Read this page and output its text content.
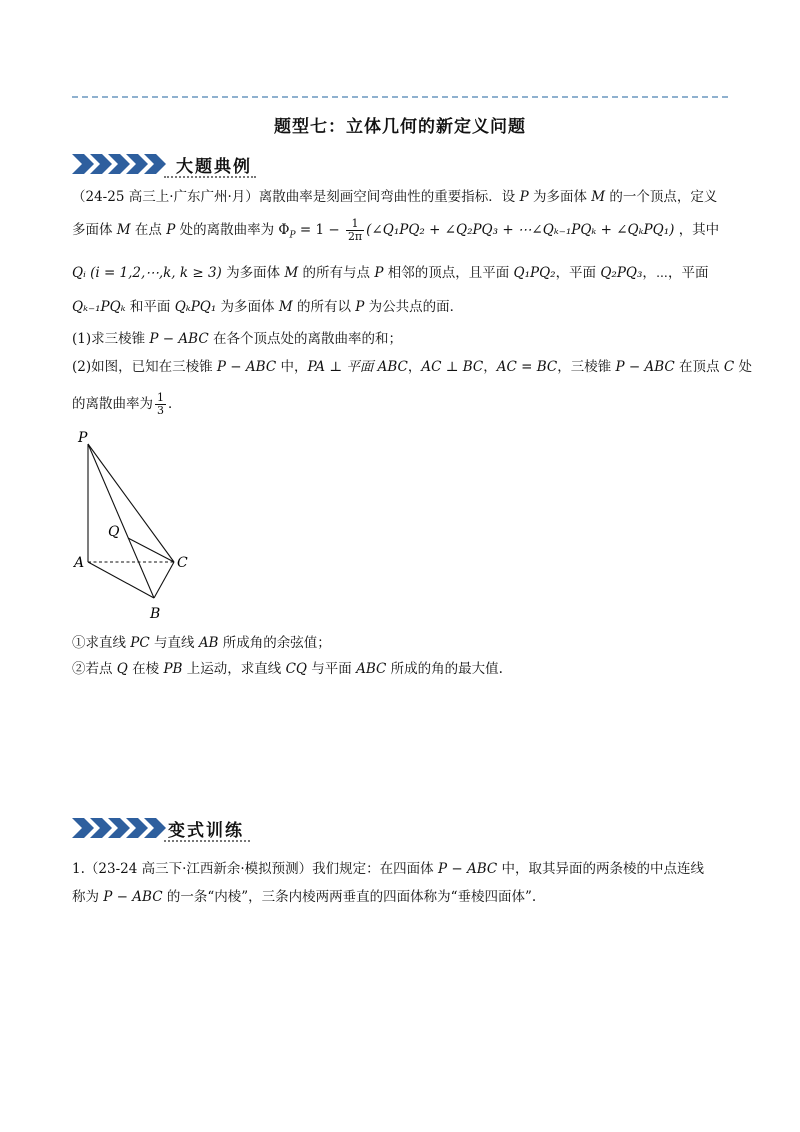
题型七：立体几何的新定义问题
大题典例
（24-25 高三上·广东广州·月）离散曲率是刻画空间弯曲性的重要指标．设 P 为多面体 M 的一个顶点，定义
多面体 M 在点 P 处的离散曲率为 $\Phi_P = 1 - \frac{1}{2\pi}$ (∠Q₁PQ₂ + ∠Q₂PQ₃ + ⋯∠Qₖ₋₁PQₖ + ∠QₖPQ₁) ，其中
Qᵢ (i = 1,2,⋯,k, k ≥ 3) 为多面体 M 的所有与点 P 相邻的顶点，且平面 Q₁PQ₂，平面 Q₂PQ₃，⋯，平面
Qₖ₋₁PQₖ 和平面 QₖPQ₁ 为多面体 M 的所有以 P 为公共点的面．
(1)求三棱锥 P − ABC 在各个顶点处的离散曲率的和；
(2)如图，已知在三棱锥 P − ABC 中，PA ⊥ 平面 ABC，AC ⊥ BC，AC = BC，三棱锥 P − ABC 在顶点 C 处
的离散曲率为 $\frac{1}{3}$ ．
P
Q
A	C
B
①求直线 PC 与直线 AB 所成角的余弦值；
②若点 Q 在棱 PB 上运动，求直线 CQ 与平面 ABC 所成的角的最大值.
变式训练
1.（23-24 高三下·江西新余·模拟预测）我们规定：在四面体 P − ABC 中，取其异面的两条棱的中点连线
称为 P − ABC 的一条“内棱”，三条内棱两两垂直的四面体称为“垂棱四面体”.
